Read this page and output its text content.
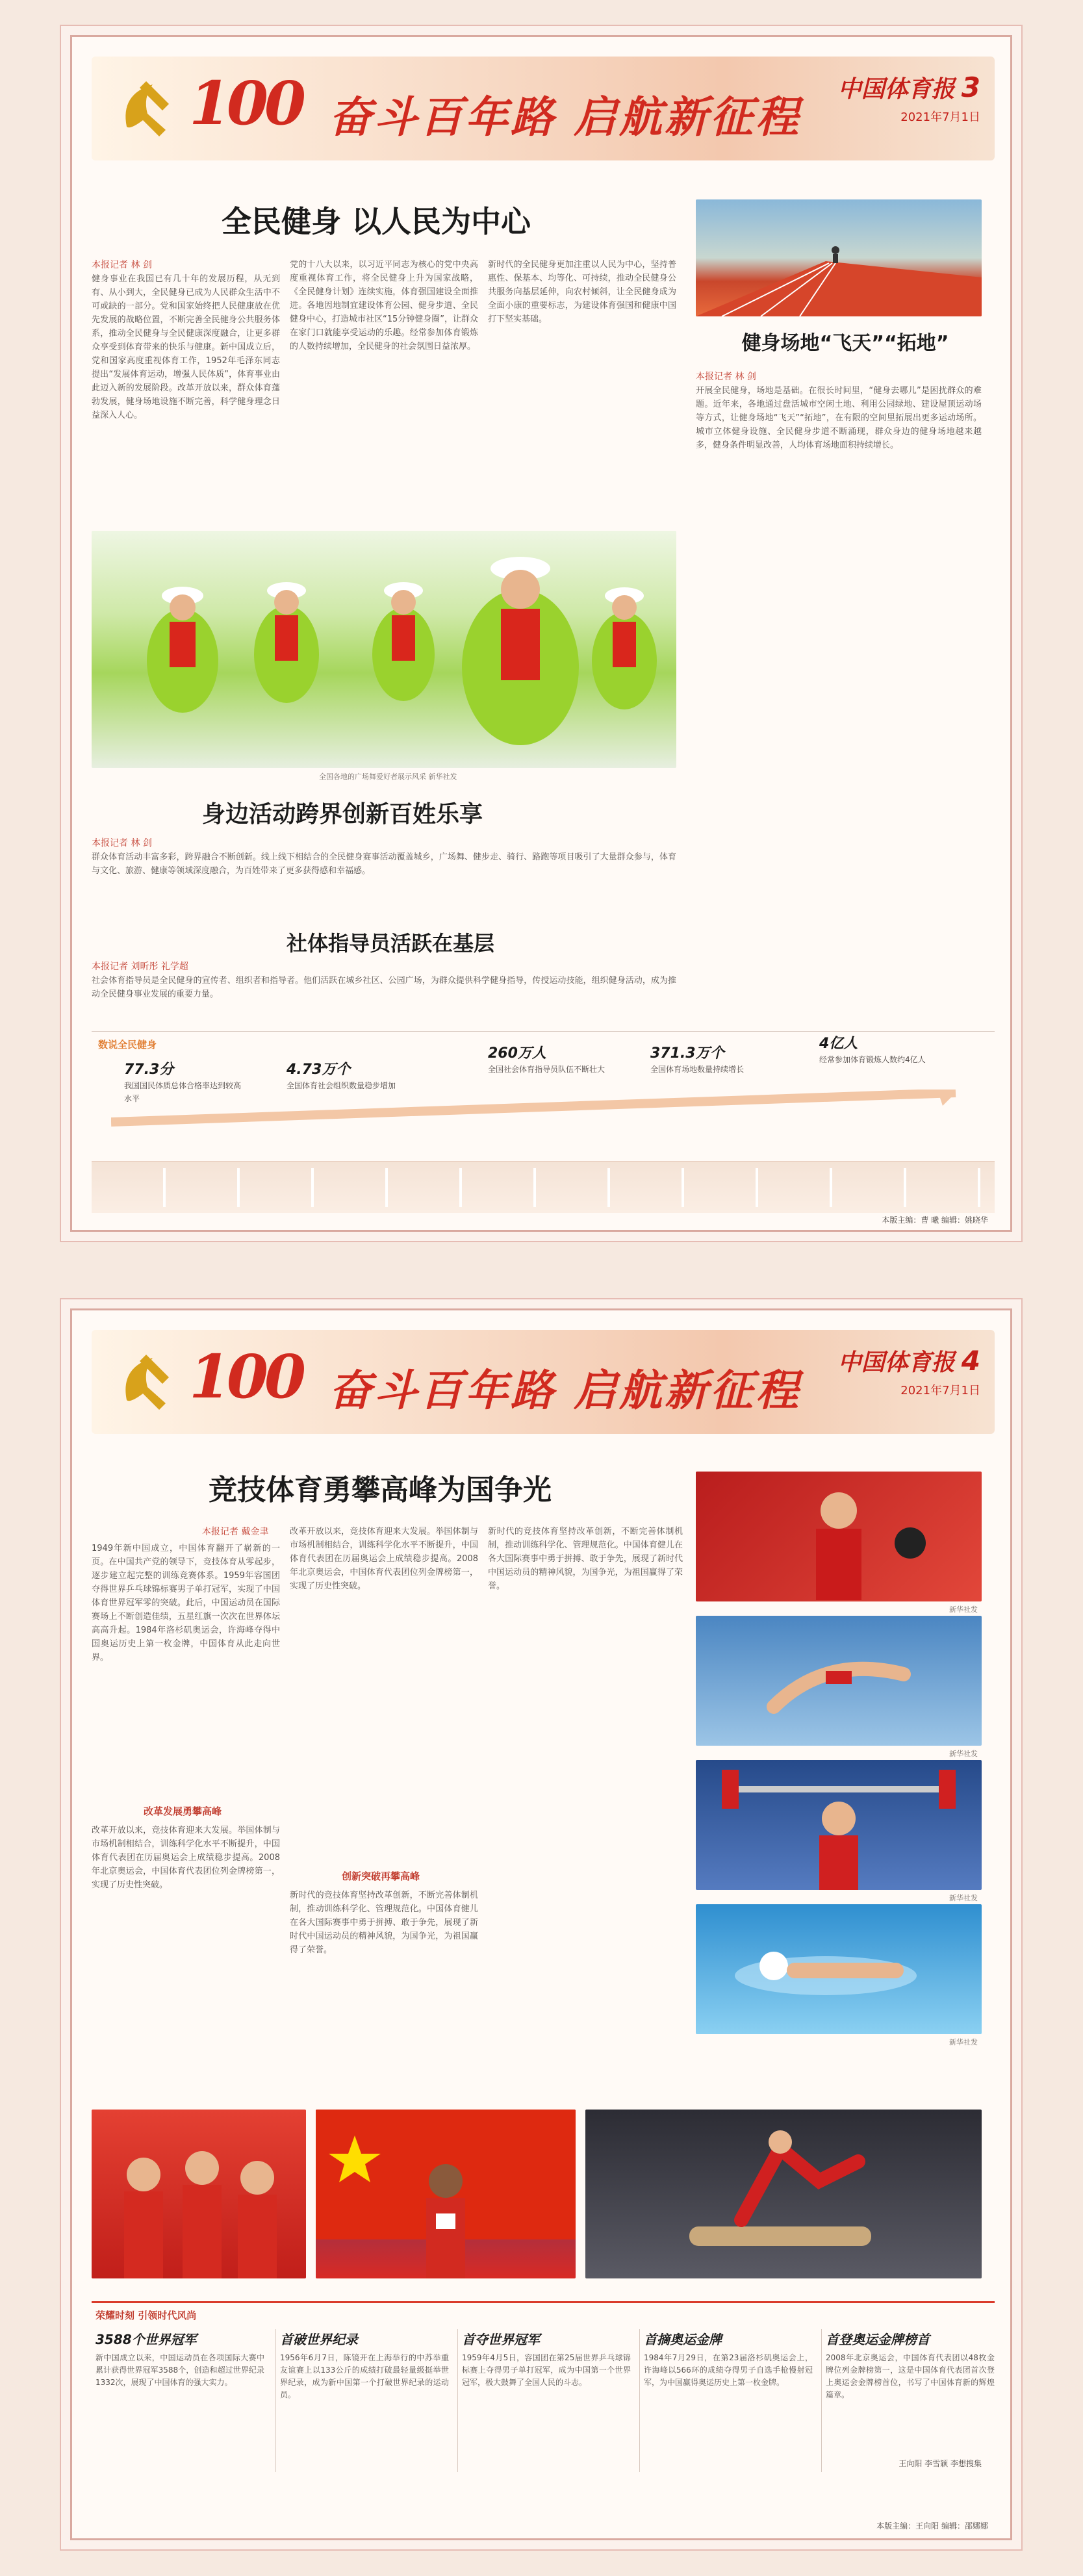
100 奋斗百年路 启航新征程
中国体育报 3
2021年7月1日
全民健身 以人民为中心
本报记者 林 剑
健身事业在我国已有几十年的发展历程，从无到有、从小到大，全民健身已成为人民群众生活中不可或缺的一部分。党和国家始终把人民健康放在优先发展的战略位置，不断完善全民健身公共服务体系，推动全民健身与全民健康深度融合，让更多群众享受到体育带来的快乐与健康。新中国成立后，党和国家高度重视体育工作，1952年毛泽东同志提出“发展体育运动，增强人民体质”，体育事业由此迈入新的发展阶段。改革开放以来，群众体育蓬勃发展，健身场地设施不断完善，科学健身理念日益深入人心。
党的十八大以来，以习近平同志为核心的党中央高度重视体育工作，将全民健身上升为国家战略，《全民健身计划》连续实施，体育强国建设全面推进。各地因地制宜建设体育公园、健身步道、全民健身中心，打造城市社区“15分钟健身圈”，让群众在家门口就能享受运动的乐趣。经常参加体育锻炼的人数持续增加，全民健身的社会氛围日益浓厚。
新时代的全民健身更加注重以人民为中心，坚持普惠性、保基本、均等化、可持续，推动全民健身公共服务向基层延伸，向农村倾斜，让全民健身成为全面小康的重要标志，为建设体育强国和健康中国打下坚实基础。
全国各地的广场舞爱好者展示风采 新华社发
健身场地“飞天”“拓地”
本报记者 林 剑
开展全民健身，场地是基础。在很长时间里，“健身去哪儿”是困扰群众的难题。近年来，各地通过盘活城市空闲土地、利用公园绿地、建设屋顶运动场等方式，让健身场地“飞天”“拓地”，在有限的空间里拓展出更多运动场所。城市立体健身设施、全民健身步道不断涌现，群众身边的健身场地越来越多，健身条件明显改善，人均体育场地面积持续增长。
身边活动跨界创新百姓乐享
本报记者 林 剑
群众体育活动丰富多彩，跨界融合不断创新。线上线下相结合的全民健身赛事活动覆盖城乡，广场舞、健步走、骑行、路跑等项目吸引了大量群众参与，体育与文化、旅游、健康等领域深度融合，为百姓带来了更多获得感和幸福感。
社体指导员活跃在基层
本报记者 刘昕彤 礼学超
社会体育指导员是全民健身的宣传者、组织者和指导者。他们活跃在城乡社区、公园广场，为群众提供科学健身指导，传授运动技能，组织健身活动，成为推动全民健身事业发展的重要力量。
数说全民健身
77.3分
我国国民体质总体合格率达到较高水平
4.73万个
全国体育社会组织数量稳步增加
260万人
全国社会体育指导员队伍不断壮大
371.3万个
全国体育场地数量持续增长
4亿人
经常参加体育锻炼人数约4亿人
本版主编：曹 曦 编辑：姚晓华
100 奋斗百年路 启航新征程
中国体育报 4
2021年7月1日
竞技体育勇攀高峰为国争光
本报记者 戴金聿
1949年新中国成立，中国体育翻开了崭新的一页。在中国共产党的领导下，竞技体育从零起步，逐步建立起完整的训练竞赛体系。1959年容国团夺得世界乒乓球锦标赛男子单打冠军，实现了中国体育世界冠军零的突破。此后，中国运动员在国际赛场上不断创造佳绩，五星红旗一次次在世界体坛高高升起。1984年洛杉矶奥运会，许海峰夺得中国奥运历史上第一枚金牌，中国体育从此走向世界。
改革发展勇攀高峰
改革开放以来，竞技体育迎来大发展。举国体制与市场机制相结合，训练科学化水平不断提升，中国体育代表团在历届奥运会上成绩稳步提高。2008年北京奥运会，中国体育代表团位列金牌榜第一，实现了历史性突破。
改革开放以来，竞技体育迎来大发展。举国体制与市场机制相结合，训练科学化水平不断提升，中国体育代表团在历届奥运会上成绩稳步提高。2008年北京奥运会，中国体育代表团位列金牌榜第一，实现了历史性突破。
创新突破再攀高峰
新时代的竞技体育坚持改革创新，不断完善体制机制，推动训练科学化、管理规范化。中国体育健儿在各大国际赛事中勇于拼搏、敢于争先，展现了新时代中国运动员的精神风貌，为国争光，为祖国赢得了荣誉。
新时代的竞技体育坚持改革创新，不断完善体制机制，推动训练科学化、管理规范化。中国体育健儿在各大国际赛事中勇于拼搏、敢于争先，展现了新时代中国运动员的精神风貌，为国争光，为祖国赢得了荣誉。
新华社发
新华社发
新华社发
新华社发
荣耀时刻 引领时代风尚
3588个世界冠军
新中国成立以来，中国运动员在各项国际大赛中累计获得世界冠军3588个，创造和超过世界纪录1332次，展现了中国体育的强大实力。
首破世界纪录
1956年6月7日，陈镜开在上海举行的中苏举重友谊赛上以133公斤的成绩打破最轻量级挺举世界纪录，成为新中国第一个打破世界纪录的运动员。
首夺世界冠军
1959年4月5日，容国团在第25届世界乒乓球锦标赛上夺得男子单打冠军，成为中国第一个世界冠军，极大鼓舞了全国人民的斗志。
首摘奥运金牌
1984年7月29日，在第23届洛杉矶奥运会上，许海峰以566环的成绩夺得男子自选手枪慢射冠军，为中国赢得奥运历史上第一枚金牌。
首登奥运金牌榜首
2008年北京奥运会，中国体育代表团以48枚金牌位列金牌榜第一，这是中国体育代表团首次登上奥运会金牌榜首位，书写了中国体育新的辉煌篇章。
王向阳 李雪颖 李想搜集
本版主编：王向阳 编辑：邵娜娜
